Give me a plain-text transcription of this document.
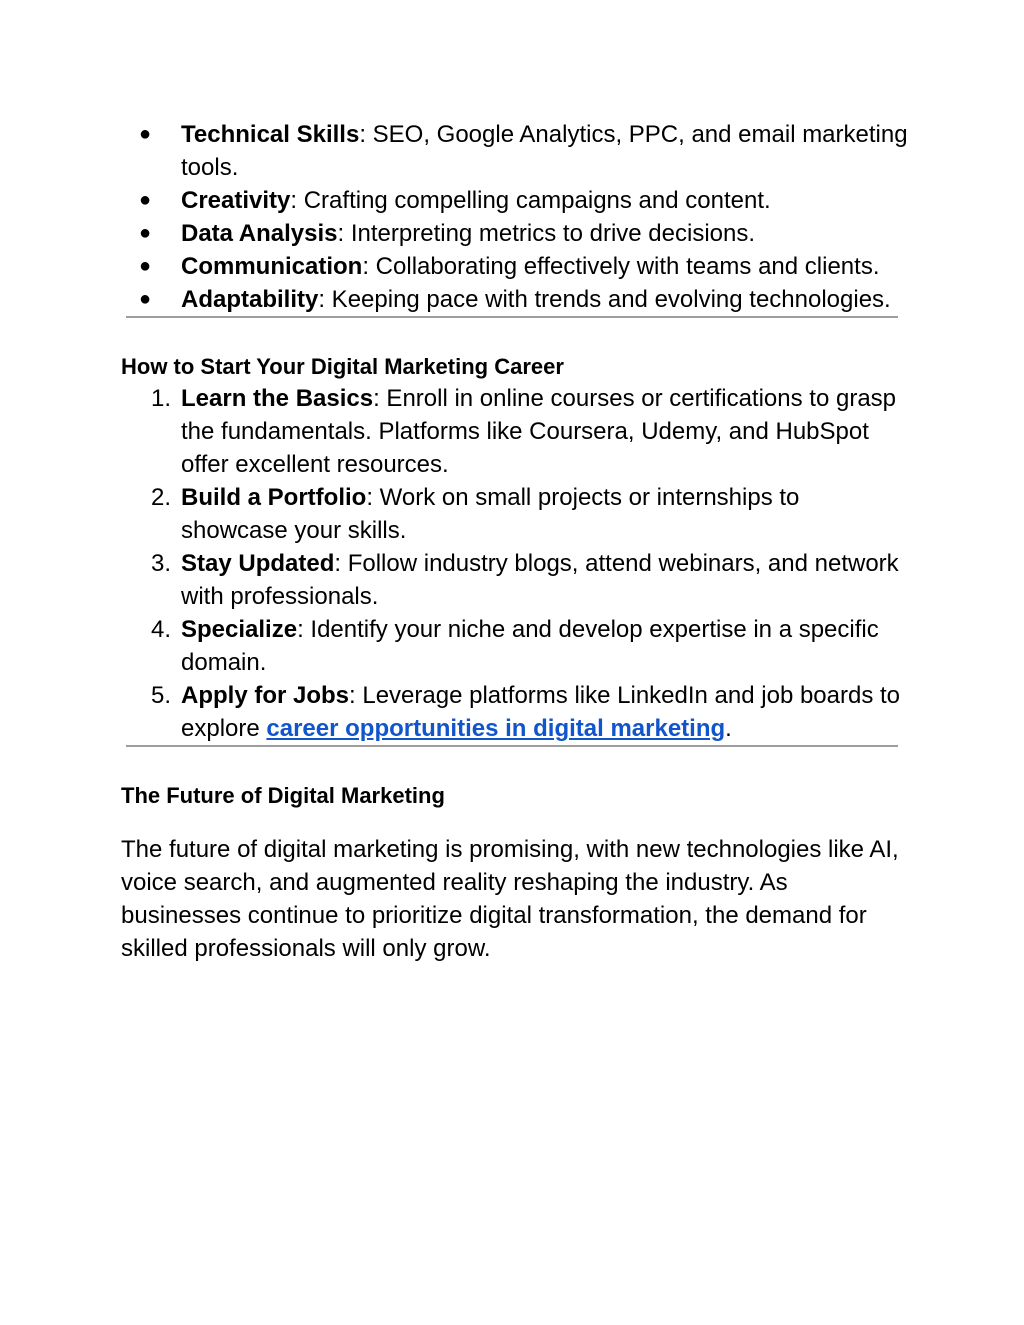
● Technical Skills: SEO, Google Analytics, PPC, and email marketing tools.
● Creativity: Crafting compelling campaigns and content.
● Data Analysis: Interpreting metrics to drive decisions.
● Communication: Collaborating effectively with teams and clients.
● Adaptability: Keeping pace with trends and evolving technologies.
How to Start Your Digital Marketing Career
1. Learn the Basics: Enroll in online courses or certifications to grasp the fundamentals. Platforms like Coursera, Udemy, and HubSpot offer excellent resources.
2. Build a Portfolio: Work on small projects or internships to showcase your skills.
3. Stay Updated: Follow industry blogs, attend webinars, and network with professionals.
4. Specialize: Identify your niche and develop expertise in a specific domain.
5. Apply for Jobs: Leverage platforms like LinkedIn and job boards to explore career opportunities in digital marketing.
The Future of Digital Marketing

The future of digital marketing is promising, with new technologies like AI, voice search, and augmented reality reshaping the industry. As businesses continue to prioritize digital transformation, the demand for skilled professionals will only grow.
